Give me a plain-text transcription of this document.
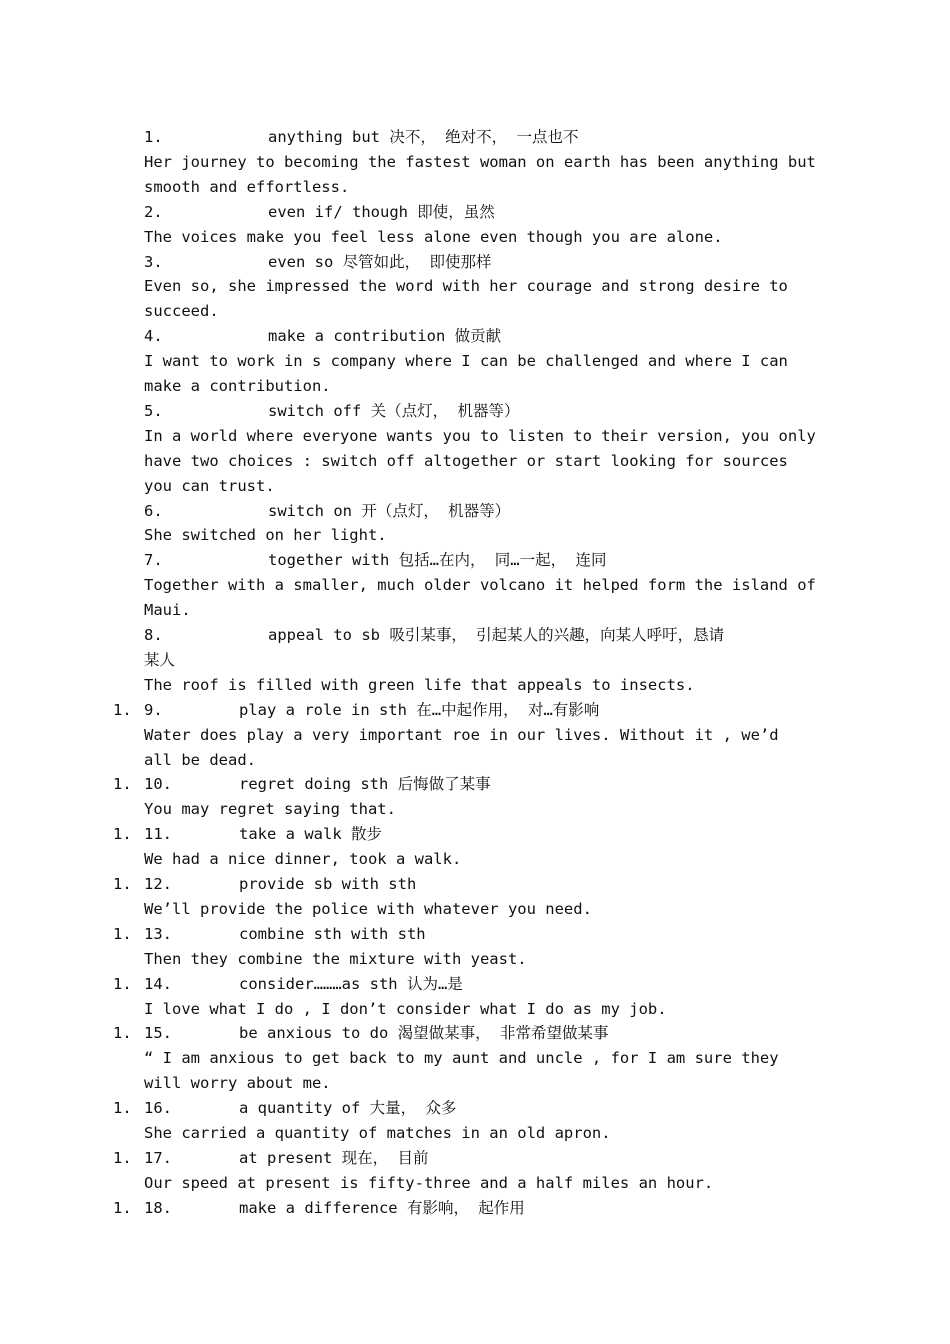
1.	anything but 决不， 绝对不， 一点也不
Her journey to becoming the fastest woman on earth has been anything but
smooth and effortless.
2.	even if/ though 即使，虽然
The voices make you feel less alone even though you are alone.
3.	even so 尽管如此， 即使那样
Even so, she impressed the word with her courage and strong desire to
succeed.
4.	make a contribution 做贡献
I want to work in s company where I can be challenged and where I can
make a contribution.
5.	switch off 关（点灯， 机器等）
In a world where everyone wants you to listen to their version, you only
have two choices : switch off altogether or start looking for sources
you can trust.
6.	switch on 开（点灯， 机器等）
She switched on her light.
7.	together with 包括…在内， 同…一起， 连同
Together with a smaller, much older volcano it helped form the island of
Maui.
8.	appeal to sb 吸引某事， 引起某人的兴趣，向某人呼吁，恳请
某人
The roof is filled with green life that appeals to insects.
1. 9.	play a role in sth 在…中起作用， 对…有影响
Water does play a very important roe in our lives. Without it , we’d
all be dead.
1. 10.	regret doing sth 后悔做了某事
You may regret saying that.
1. 11.	take a walk 散步
We had a nice dinner, took a walk.
1. 12.	provide sb with sth
We’ll provide the police with whatever you need.
1. 13.	combine sth with sth
Then they combine the mixture with yeast.
1. 14.	consider………as sth 认为…是
I love what I do , I don’t consider what I do as my job.
1. 15.	be anxious to do 渴望做某事， 非常希望做某事
“ I am anxious to get back to my aunt and uncle , for I am sure they
will worry about me.
1. 16.	a quantity of 大量， 众多
She carried a quantity of matches in an old apron.
1. 17.	at present 现在， 目前
Our speed at present is fifty-three and a half miles an hour.
1. 18.	make a difference 有影响， 起作用
